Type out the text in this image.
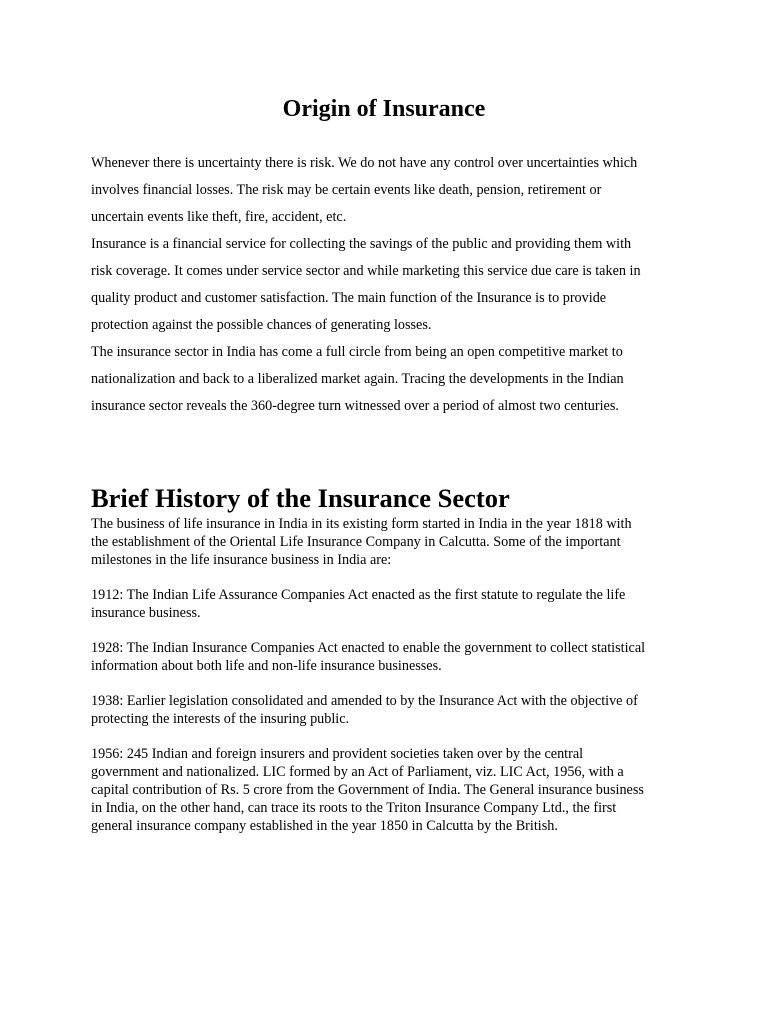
Origin of Insurance

Whenever there is uncertainty there is risk. We do not have any control over uncertainties which involves financial losses. The risk may be certain events like death, pension, retirement or uncertain events like theft, fire, accident, etc.

Insurance is a financial service for collecting the savings of the public and providing them with risk coverage. It comes under service sector and while marketing this service due care is taken in quality product and customer satisfaction. The main function of the Insurance is to provide protection against the possible chances of generating losses.

The insurance sector in India has come a full circle from being an open competitive market to nationalization and back to a liberalized market again. Tracing the developments in the Indian insurance sector reveals the 360-degree turn witnessed over a period of almost two centuries.

Brief History of the Insurance Sector

The business of life insurance in India in its existing form started in India in the year 1818 with the establishment of the Oriental Life Insurance Company in Calcutta. Some of the important milestones in the life insurance business in India are:

1912: The Indian Life Assurance Companies Act enacted as the first statute to regulate the life insurance business.

1928: The Indian Insurance Companies Act enacted to enable the government to collect statistical information about both life and non-life insurance businesses.

1938: Earlier legislation consolidated and amended to by the Insurance Act with the objective of protecting the interests of the insuring public.

1956: 245 Indian and foreign insurers and provident societies taken over by the central government and nationalized. LIC formed by an Act of Parliament, viz. LIC Act, 1956, with a capital contribution of Rs. 5 crore from the Government of India. The General insurance business in India, on the other hand, can trace its roots to the Triton Insurance Company Ltd., the first general insurance company established in the year 1850 in Calcutta by the British.
